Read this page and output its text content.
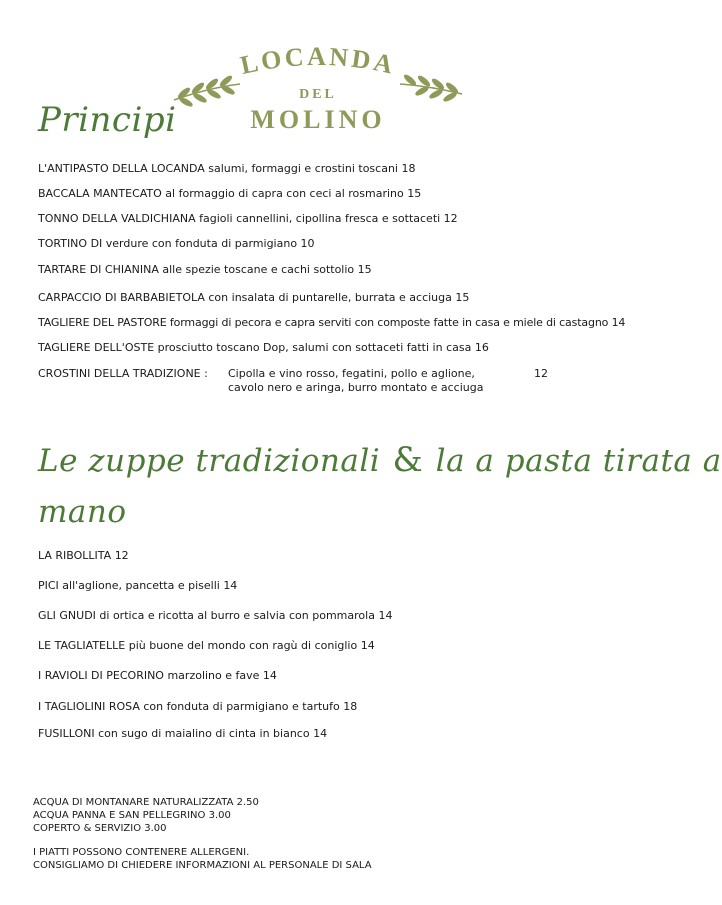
LOCANDA
DEL
MOLINO
Principi
L'ANTIPASTO DELLA LOCANDA salumi, formaggi e crostini toscani 18
BACCALA MANTECATO al formaggio di capra con ceci al rosmarino 15
TONNO DELLA VALDICHIANA fagioli cannellini, cipollina fresca e sottaceti 12
TORTINO DI verdure con fonduta di parmigiano 10
TARTARE DI CHIANINA alle spezie toscane e cachi sottolio 15
CARPACCIO DI BARBABIETOLA con insalata di puntarelle, burrata e acciuga 15
TAGLIERE DEL PASTORE formaggi di pecora e capra serviti con composte fatte in casa e miele di castagno 14
TAGLIERE DELL'OSTE prosciutto toscano Dop, salumi con sottaceti fatti in casa 16
CROSTINI DELLA TRADIZIONE : Cipolla e vino rosso, fegatini, pollo e aglione,
cavolo nero e aringa, burro montato e acciuga
12
Le zuppe tradizionali & la a pasta tirata a
mano
LA RIBOLLITA 12
PICI all'aglione, pancetta e piselli 14
GLI GNUDI di ortica e ricotta al burro e salvia con pommarola 14
LE TAGLIATELLE più buone del mondo con ragù di coniglio 14
I RAVIOLI DI PECORINO marzolino e fave 14
I TAGLIOLINI ROSA con fonduta di parmigiano e tartufo 18
FUSILLONI con sugo di maialino di cinta in bianco 14
ACQUA DI MONTANARE NATURALIZZATA 2.50
ACQUA PANNA E SAN PELLEGRINO 3.00
COPERTO & SERVIZIO 3.00
I PIATTI POSSONO CONTENERE ALLERGENI.
CONSIGLIAMO DI CHIEDERE INFORMAZIONI AL PERSONALE DI SALA
